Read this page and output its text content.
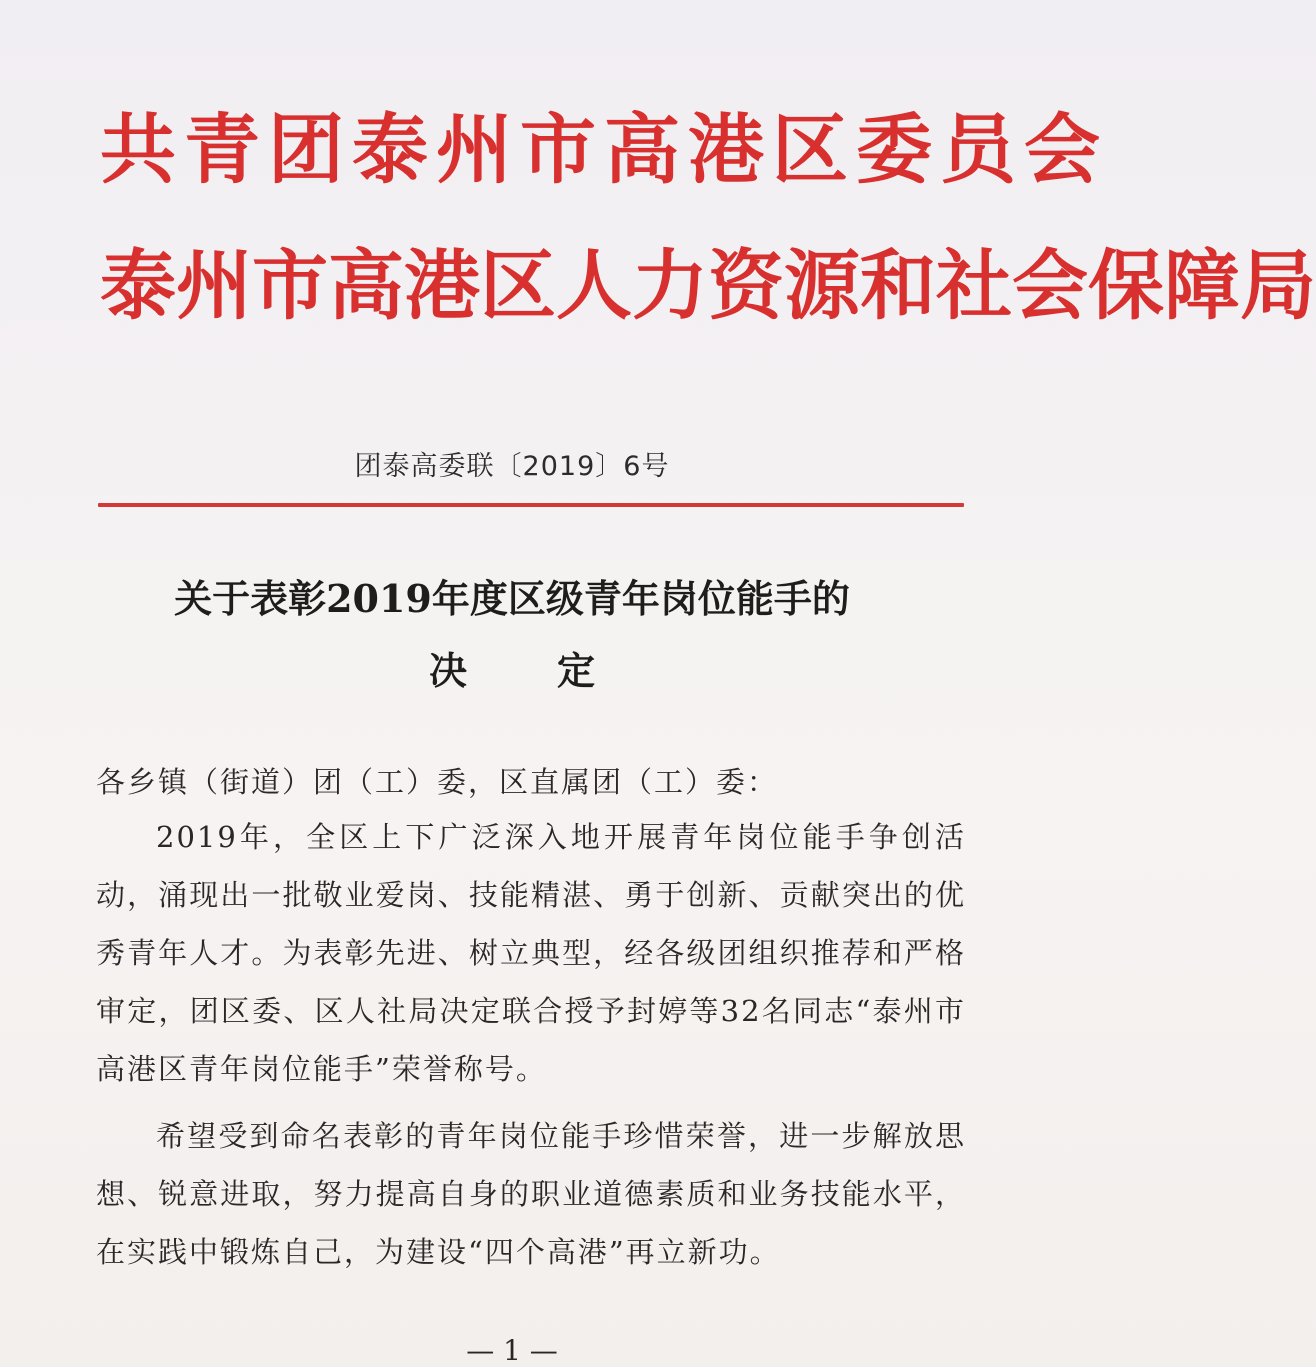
共青团泰州市高港区委员会
泰州市高港区人力资源和社会保障局
团泰高委联〔2019〕6号
关于表彰2019年度区级青年岗位能手的
决定
各乡镇（街道）团（工）委，区直属团（工）委：

2019年，全区上下广泛深入地开展青年岗位能手争创活动，涌现出一批敬业爱岗、技能精湛、勇于创新、贡献突出的优秀青年人才。为表彰先进、树立典型，经各级团组织推荐和严格审定，团区委、区人社局决定联合授予封婷等32名同志“泰州市高港区青年岗位能手”荣誉称号。

希望受到命名表彰的青年岗位能手珍惜荣誉，进一步解放思想、锐意进取，努力提高自身的职业道德素质和业务技能水平，在实践中锻炼自己，为建设“四个高港”再立新功。

— 1 —
